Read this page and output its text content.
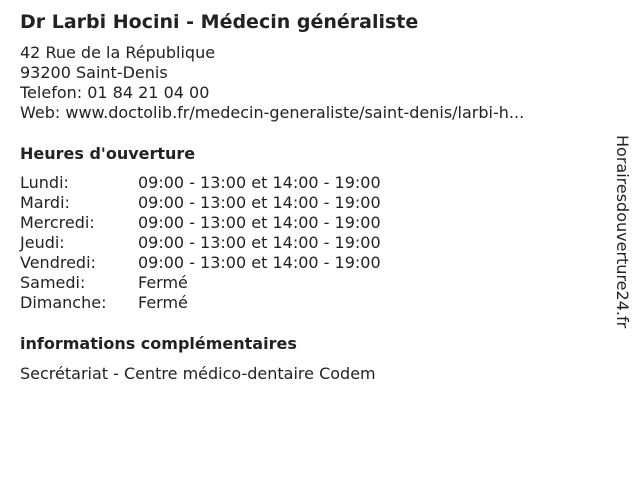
Dr Larbi Hocini - Médecin généraliste
42 Rue de la République
93200 Saint-Denis
Telefon: 01 84 21 04 00
Web: www.doctolib.fr/medecin-generaliste/saint-denis/larbi-h...
Heures d'ouverture
Lundi:	09:00 - 13:00 et 14:00 - 19:00
Mardi:	09:00 - 13:00 et 14:00 - 19:00
Mercredi:	09:00 - 13:00 et 14:00 - 19:00
Jeudi:	09:00 - 13:00 et 14:00 - 19:00
Vendredi:	09:00 - 13:00 et 14:00 - 19:00
Samedi:	Fermé
Dimanche:	Fermé
informations complémentaires
Secrétariat - Centre médico-dentaire Codem
Horairesdouverture24.fr
